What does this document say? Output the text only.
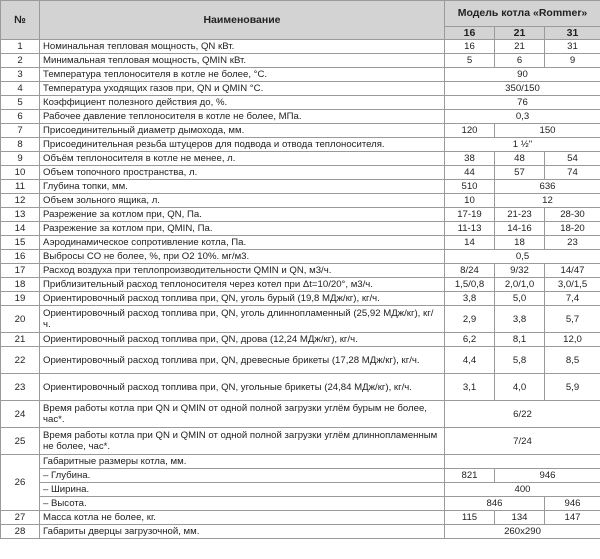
№	Наименование	Модель котла «Rommer»		
		16	21	31
1	Номинальная тепловая мощность, QN кВт.	16	21	31
2	Минимальная тепловая мощность, QMIN кВт.	5	6	9
3	Температура теплоносителя в котле не более, °С.	90		
4	Температура уходящих газов при, QN и QMIN °С.	350/150		
5	Коэффициент полезного действия до, %.	76		
6	Рабочее давление теплоносителя в котле не более, МПа.	0,3		
7	Присоединительный диаметр дымохода, мм.	120	150	
8	Присоединительная резьба штуцеров для подвода и отвода теплоносителя.	1 ½"		
9	Объём теплоносителя в котле не менее, л.	38	48	54
10	Объем топочного пространства, л.	44	57	74
11	Глубина топки, мм.	510	636	
12	Объем зольного ящика, л.	10	12	
13	Разрежение за котлом при, QN, Па.	17-19	21-23	28-30
14	Разрежение за котлом при, QMIN, Па.	11-13	14-16	18-20
15	Аэродинамическое сопротивление котла, Па.	14	18	23
16	Выбросы CO не более, %, при O2 10%. мг/м3.	0,5		
17	Расход воздуха при теплопроизводительности QMIN и QN, м3/ч.	8/24	9/32	14/47
18	Приблизительный расход теплоносителя через котел при Δt=10/20°, м3/ч.	1,5/0,8	2,0/1,0	3,0/1,5
19	Ориентировочный расход топлива при, QN, уголь бурый (19,8 МДж/кг), кг/ч.	3,8	5,0	7,4
20	Ориентировочный расход топлива при, QN, уголь длиннопламенный (25,92 МДж/кг), кг/ч.	2,9	3,8	5,7
21	Ориентировочный расход топлива при, QN, дрова (12,24 МДж/кг), кг/ч.	6,2	8,1	12,0
22	Ориентировочный расход топлива при, QN, древесные брикеты (17,28 МДж/кг), кг/ч.	4,4	5,8	8,5
23	Ориентировочный расход топлива при, QN, угольные брикеты (24,84 МДж/кг), кг/ч.	3,1	4,0	5,9
24	Время работы котла при QN и QMIN от одной полной загрузки углём бурым не более, час*.	6/22		
25	Время работы котла при QN и QMIN от одной полной загрузки углём длиннопламенным не более, час*.	7/24		
26	Габаритные размеры котла, мм.			
	– Глубина.	821	946	
	– Ширина.	400		
	– Высота.	846		946
27	Масса котла не более, кг.	115	134	147
28	Габариты дверцы загрузочной, мм.	260х290		
